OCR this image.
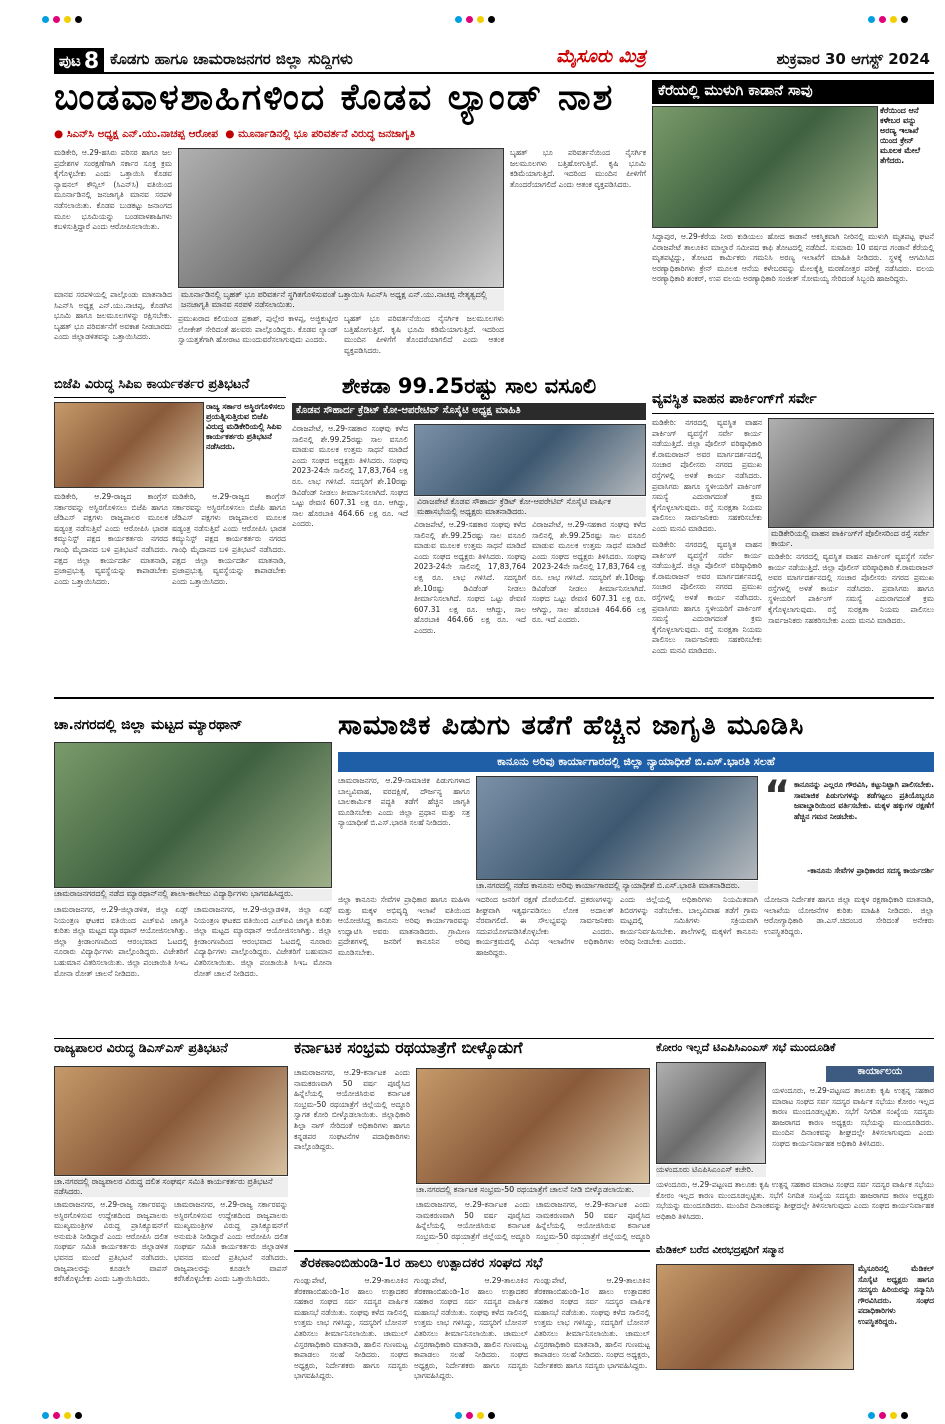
ಪುಟ 8 ಕೊಡಗು ಹಾಗೂ ಚಾಮರಾಜನಗರ ಜಿಲ್ಲಾ ಸುದ್ದಿಗಳು	ಮೈಸೂರು ಮಿತ್ರ	ಶುಕ್ರವಾರ 30 ಆಗಸ್ಟ್ 2024
ಬಂಡವಾಳಶಾಹಿಗಳಿಂದ ಕೊಡವ ಲ್ಯಾಂಡ್ ನಾಶ
● ಸಿಎನ್‌ಸಿ ಅಧ್ಯಕ್ಷ ಎನ್.ಯು.ನಾಚಪ್ಪ ಆರೋಪ  ● ಮೂರ್ನಾಡಿನಲ್ಲಿ ಭೂ ಪರಿವರ್ತನೆ ವಿರುದ್ಧ ಜನಜಾಗೃತಿ
ಮಡಿಕೇರಿ, ಆ.29-ಹಸಿರು ಪರಿಸರ ಹಾಗೂ ಜಲ ಪ್ರದೇಶಗಳ ಸಂರಕ್ಷಣೆಗಾಗಿ ಸರ್ಕಾರ ಸೂಕ್ತ ಕ್ರಮ ಕೈಗೊಳ್ಳಬೇಕು ಎಂದು ಒತ್ತಾಯಿಸಿ ಕೊಡವ ನ್ಯಾಷನಲ್ ಕೌನ್ಸಿಲ್ (ಸಿಎನ್‌ಸಿ) ವತಿಯಿಂದ ಮೂರ್ನಾಡಿನಲ್ಲಿ ಜನಜಾಗೃತಿ ಮಾನವ ಸರಪಳಿ ನಡೆಸಲಾಯಿತು. ಕೊಡವ ಬುಡಕಟ್ಟು ಜನಾಂಗದ ಮೂಲ ಭೂಮಿಯನ್ನು ಬಂಡವಾಳಶಾಹಿಗಳು ಕಬಳಿಸುತ್ತಿದ್ದಾರೆ ಎಂದು ಆರೋಪಿಸಲಾಯಿತು.
ಮೂರ್ನಾಡಿನಲ್ಲಿ ಬೃಹತ್ ಭೂ ಪರಿವರ್ತನೆ ಸ್ಥಗಿತಗೊಳಿಸುವಂತೆ ಒತ್ತಾಯಿಸಿ ಸಿಎನ್‌ಸಿ ಅಧ್ಯಕ್ಷ ಎನ್.ಯು.ನಾಚಪ್ಪ ನೇತೃತ್ವದಲ್ಲಿ ಜನಜಾಗೃತಿ ಮಾನವ ಸರಪಳಿ ನಡೆಸಲಾಯಿತು.
ಮಾನವ ಸರಪಳಿಯಲ್ಲಿ ಪಾಲ್ಗೊಂಡು ಮಾತನಾಡಿದ ಸಿಎನ್‌ಸಿ ಅಧ್ಯಕ್ಷ ಎನ್.ಯು.ನಾಚಪ್ಪ, ಕೊಡಗಿನ ಭೂಮಿ ಹಾಗೂ ಜಲಮೂಲಗಳನ್ನು ರಕ್ಷಿಸಬೇಕು. ಬೃಹತ್ ಭೂ ಪರಿವರ್ತನೆಗೆ ಅವಕಾಶ ನೀಡಬಾರದು ಎಂದು ಜಿಲ್ಲಾಡಳಿತವನ್ನು ಒತ್ತಾಯಿಸಿದರು.
ಪ್ರಮುಖರಾದ ಕಲಿಯಂಡ ಪ್ರಕಾಶ್, ಪುಲ್ಲೇರ ಕಾಳಪ್ಪ, ಅಜ್ಜಿಕುಟ್ಟೀರ ಲೋಕೇಶ್ ಸೇರಿದಂತೆ ಹಲವರು ಪಾಲ್ಗೊಂಡಿದ್ದರು. ಕೊಡವ ಲ್ಯಾಂಡ್ ಸ್ವಾಯತ್ತತೆಗಾಗಿ ಹೋರಾಟ ಮುಂದುವರೆಸಲಾಗುವುದು ಎಂದರು.
ಬೃಹತ್ ಭೂ ಪರಿವರ್ತನೆಯಿಂದ ನೈಸರ್ಗಿಕ ಜಲಮೂಲಗಳು ಬತ್ತಿಹೋಗುತ್ತಿವೆ. ಕೃಷಿ ಭೂಮಿ ಕಡಿಮೆಯಾಗುತ್ತಿದೆ. ಇದರಿಂದ ಮುಂದಿನ ಪೀಳಿಗೆಗೆ ತೊಂದರೆಯಾಗಲಿದೆ ಎಂದು ಆತಂಕ ವ್ಯಕ್ತಪಡಿಸಿದರು.
ಬೃಹತ್ ಭೂ ಪರಿವರ್ತನೆಯಿಂದ ನೈಸರ್ಗಿಕ ಜಲಮೂಲಗಳು ಬತ್ತಿಹೋಗುತ್ತಿವೆ. ಕೃಷಿ ಭೂಮಿ ಕಡಿಮೆಯಾಗುತ್ತಿದೆ. ಇದರಿಂದ ಮುಂದಿನ ಪೀಳಿಗೆಗೆ ತೊಂದರೆಯಾಗಲಿದೆ ಎಂದು ಆತಂಕ ವ್ಯಕ್ತಪಡಿಸಿದರು.
ಕೆರೆಯಲ್ಲಿ ಮುಳುಗಿ ಕಾಡಾನೆ ಸಾವು
ಕೆರೆಯಿಂದ ಆನೆ ಕಳೇಬರ ವನ್ನು ಅರಣ್ಯ ಇಲಾಖೆ ಯಿಂದ ಕ್ರೇನ್ ಮೂಲಕ ಮೇಲೆ ತೆಗೆದರು.
ಸಿದ್ದಾಪುರ, ಆ.29-ಕೆರೆಯ ನೀರು ಕುಡಿಯಲು ಹೋದ ಕಾಡಾನೆ ಆಕಸ್ಮಿಕವಾಗಿ ನೀರಿನಲ್ಲಿ ಮುಳುಗಿ ಮೃತಪಟ್ಟ ಘಟನೆ ವಿರಾಜಪೇಟೆ ತಾಲೂಕಿನ ಮಾಲ್ದಾರೆ ಸಮೀಪದ ಕಾಫಿ ತೋಟದಲ್ಲಿ ನಡೆದಿದೆ. ಸುಮಾರು 10 ವರ್ಷದ ಗಂಡಾನೆ ಕೆರೆಯಲ್ಲಿ ಮೃತಪಟ್ಟಿದ್ದು, ತೋಟದ ಕಾರ್ಮಿಕರು ಗಮನಿಸಿ ಅರಣ್ಯ ಇಲಾಖೆಗೆ ಮಾಹಿತಿ ನೀಡಿದರು. ಸ್ಥಳಕ್ಕೆ ಆಗಮಿಸಿದ ಅರಣ್ಯಾಧಿಕಾರಿಗಳು ಕ್ರೇನ್ ಮೂಲಕ ಆನೆಯ ಕಳೇಬರವನ್ನು ಮೇಲಕ್ಕೆತ್ತಿ ಮರಣೋತ್ತರ ಪರೀಕ್ಷೆ ನಡೆಸಿದರು. ವಲಯ ಅರಣ್ಯಾಧಿಕಾರಿ ಶಂಕರ್, ಉಪ ವಲಯ ಅರಣ್ಯಾಧಿಕಾರಿ ಸಂಜೀತ್ ಸೋಮಯ್ಯ ಸೇರಿದಂತೆ ಸಿಬ್ಬಂದಿ ಹಾಜರಿದ್ದರು.
ಬಿಜೆಪಿ ವಿರುದ್ಧ ಸಿಪಿಐ ಕಾರ್ಯಕರ್ತರ ಪ್ರತಿಭಟನೆ
ರಾಜ್ಯ ಸರ್ಕಾರ ಅಸ್ಥಿರಗೊಳಿಸಲು ಪ್ರಯತ್ನಿಸುತ್ತಿರುವ ಬಿಜೆಪಿ ವಿರುದ್ಧ ಮಡಿಕೇರಿಯಲ್ಲಿ ಸಿಪಿಐ ಕಾರ್ಯಕರ್ತರು ಪ್ರತಿಭಟನೆ ನಡೆಸಿದರು.
ಮಡಿಕೇರಿ, ಆ.29-ರಾಜ್ಯದ ಕಾಂಗ್ರೆಸ್ ಸರ್ಕಾರವನ್ನು ಅಸ್ಥಿರಗೊಳಿಸಲು ಬಿಜೆಪಿ ಹಾಗೂ ಜೆಡಿಎಸ್ ಪಕ್ಷಗಳು ರಾಜ್ಯಪಾಲರ ಮೂಲಕ ಷಡ್ಯಂತ್ರ ನಡೆಸುತ್ತಿವೆ ಎಂದು ಆರೋಪಿಸಿ ಭಾರತ ಕಮ್ಯುನಿಸ್ಟ್ ಪಕ್ಷದ ಕಾರ್ಯಕರ್ತರು ನಗರದ ಗಾಂಧಿ ಮೈದಾನದ ಬಳಿ ಪ್ರತಿಭಟನೆ ನಡೆಸಿದರು. ಪಕ್ಷದ ಜಿಲ್ಲಾ ಕಾರ್ಯದರ್ಶಿ ಮಾತನಾಡಿ, ಪ್ರಜಾಪ್ರಭುತ್ವ ವ್ಯವಸ್ಥೆಯನ್ನು ಕಾಪಾಡಬೇಕು ಎಂದು ಒತ್ತಾಯಿಸಿದರು.
ಮಡಿಕೇರಿ, ಆ.29-ರಾಜ್ಯದ ಕಾಂಗ್ರೆಸ್ ಸರ್ಕಾರವನ್ನು ಅಸ್ಥಿರಗೊಳಿಸಲು ಬಿಜೆಪಿ ಹಾಗೂ ಜೆಡಿಎಸ್ ಪಕ್ಷಗಳು ರಾಜ್ಯಪಾಲರ ಮೂಲಕ ಷಡ್ಯಂತ್ರ ನಡೆಸುತ್ತಿವೆ ಎಂದು ಆರೋಪಿಸಿ ಭಾರತ ಕಮ್ಯುನಿಸ್ಟ್ ಪಕ್ಷದ ಕಾರ್ಯಕರ್ತರು ನಗರದ ಗಾಂಧಿ ಮೈದಾನದ ಬಳಿ ಪ್ರತಿಭಟನೆ ನಡೆಸಿದರು. ಪಕ್ಷದ ಜಿಲ್ಲಾ ಕಾರ್ಯದರ್ಶಿ ಮಾತನಾಡಿ, ಪ್ರಜಾಪ್ರಭುತ್ವ ವ್ಯವಸ್ಥೆಯನ್ನು ಕಾಪಾಡಬೇಕು ಎಂದು ಒತ್ತಾಯಿಸಿದರು.
ಶೇಕಡಾ 99.25ರಷ್ಟು ಸಾಲ ವಸೂಲಿ
ಕೊಡವ ಸೌಹಾರ್ದ ಕ್ರೆಡಿಟ್ ಕೋ-ಆಪರೇಟಿವ್ ಸೊಸೈಟಿ ಅಧ್ಯಕ್ಷ ಮಾಹಿತಿ
ವಿರಾಜಪೇಟೆ, ಆ.29-ಸಹಕಾರ ಸಂಘವು ಕಳೆದ ಸಾಲಿನಲ್ಲಿ ಶೇ.99.25ರಷ್ಟು ಸಾಲ ವಸೂಲಿ ಮಾಡುವ ಮೂಲಕ ಉತ್ತಮ ಸಾಧನೆ ಮಾಡಿದೆ ಎಂದು ಸಂಘದ ಅಧ್ಯಕ್ಷರು ತಿಳಿಸಿದರು. ಸಂಘವು 2023-24ನೇ ಸಾಲಿನಲ್ಲಿ 17,83,764 ಲಕ್ಷ ರೂ. ಲಾಭ ಗಳಿಸಿದೆ. ಸದಸ್ಯರಿಗೆ ಶೇ.10ರಷ್ಟು ಡಿವಿಡೆಂಡ್ ನೀಡಲು ತೀರ್ಮಾನಿಸಲಾಗಿದೆ. ಸಂಘದ ಒಟ್ಟು ಠೇವಣಿ 607.31 ಲಕ್ಷ ರೂ. ಆಗಿದ್ದು, ಸಾಲ ಹೊರಬಾಕಿ 464.66 ಲಕ್ಷ ರೂ. ಇದೆ ಎಂದರು.
ವಿರಾಜಪೇಟೆ ಕೊಡವ ಸೌಹಾರ್ದ ಕ್ರೆಡಿಟ್ ಕೋ-ಆಪರೇಟಿವ್ ಸೊಸೈಟಿ ವಾರ್ಷಿಕ ಮಹಾಸಭೆಯಲ್ಲಿ ಅಧ್ಯಕ್ಷರು ಮಾತನಾಡಿದರು.
ವಿರಾಜಪೇಟೆ, ಆ.29-ಸಹಕಾರ ಸಂಘವು ಕಳೆದ ಸಾಲಿನಲ್ಲಿ ಶೇ.99.25ರಷ್ಟು ಸಾಲ ವಸೂಲಿ ಮಾಡುವ ಮೂಲಕ ಉತ್ತಮ ಸಾಧನೆ ಮಾಡಿದೆ ಎಂದು ಸಂಘದ ಅಧ್ಯಕ್ಷರು ತಿಳಿಸಿದರು. ಸಂಘವು 2023-24ನೇ ಸಾಲಿನಲ್ಲಿ 17,83,764 ಲಕ್ಷ ರೂ. ಲಾಭ ಗಳಿಸಿದೆ. ಸದಸ್ಯರಿಗೆ ಶೇ.10ರಷ್ಟು ಡಿವಿಡೆಂಡ್ ನೀಡಲು ತೀರ್ಮಾನಿಸಲಾಗಿದೆ. ಸಂಘದ ಒಟ್ಟು ಠೇವಣಿ 607.31 ಲಕ್ಷ ರೂ. ಆಗಿದ್ದು, ಸಾಲ ಹೊರಬಾಕಿ 464.66 ಲಕ್ಷ ರೂ. ಇದೆ ಎಂದರು.
ವಿರಾಜಪೇಟೆ, ಆ.29-ಸಹಕಾರ ಸಂಘವು ಕಳೆದ ಸಾಲಿನಲ್ಲಿ ಶೇ.99.25ರಷ್ಟು ಸಾಲ ವಸೂಲಿ ಮಾಡುವ ಮೂಲಕ ಉತ್ತಮ ಸಾಧನೆ ಮಾಡಿದೆ ಎಂದು ಸಂಘದ ಅಧ್ಯಕ್ಷರು ತಿಳಿಸಿದರು. ಸಂಘವು 2023-24ನೇ ಸಾಲಿನಲ್ಲಿ 17,83,764 ಲಕ್ಷ ರೂ. ಲಾಭ ಗಳಿಸಿದೆ. ಸದಸ್ಯರಿಗೆ ಶೇ.10ರಷ್ಟು ಡಿವಿಡೆಂಡ್ ನೀಡಲು ತೀರ್ಮಾನಿಸಲಾಗಿದೆ. ಸಂಘದ ಒಟ್ಟು ಠೇವಣಿ 607.31 ಲಕ್ಷ ರೂ. ಆಗಿದ್ದು, ಸಾಲ ಹೊರಬಾಕಿ 464.66 ಲಕ್ಷ ರೂ. ಇದೆ ಎಂದರು.
ವ್ಯವಸ್ಥಿತ ವಾಹನ ಪಾರ್ಕಿಂಗ್‌ಗೆ ಸರ್ವೇ
ಮಡಿಕೇರಿ: ನಗರದಲ್ಲಿ ವ್ಯವಸ್ಥಿತ ವಾಹನ ಪಾರ್ಕಿಂಗ್ ವ್ಯವಸ್ಥೆಗೆ ಸರ್ವೇ ಕಾರ್ಯ ನಡೆಯುತ್ತಿದೆ. ಜಿಲ್ಲಾ ಪೊಲೀಸ್ ವರಿಷ್ಠಾಧಿಕಾರಿ ಕೆ.ರಾಮರಾಜನ್ ಅವರ ಮಾರ್ಗದರ್ಶನದಲ್ಲಿ ಸಂಚಾರ ಪೊಲೀಸರು ನಗರದ ಪ್ರಮುಖ ರಸ್ತೆಗಳಲ್ಲಿ ಅಳತೆ ಕಾರ್ಯ ನಡೆಸಿದರು. ಪ್ರವಾಸಿಗರು ಹಾಗೂ ಸ್ಥಳೀಯರಿಗೆ ಪಾರ್ಕಿಂಗ್ ಸಮಸ್ಯೆ ಎದುರಾಗದಂತೆ ಕ್ರಮ ಕೈಗೊಳ್ಳಲಾಗುವುದು. ರಸ್ತೆ ಸುರಕ್ಷತಾ ನಿಯಮ ಪಾಲಿಸಲು ಸಾರ್ವಜನಿಕರು ಸಹಕರಿಸಬೇಕು ಎಂದು ಮನವಿ ಮಾಡಿದರು.
ಮಡಿಕೇರಿಯಲ್ಲಿ ವಾಹನ ಪಾರ್ಕಿಂಗ್‌ಗೆ ಪೊಲೀಸರಿಂದ ರಸ್ತೆ ಸರ್ವೇ ಕಾರ್ಯ.
ಮಡಿಕೇರಿ: ನಗರದಲ್ಲಿ ವ್ಯವಸ್ಥಿತ ವಾಹನ ಪಾರ್ಕಿಂಗ್ ವ್ಯವಸ್ಥೆಗೆ ಸರ್ವೇ ಕಾರ್ಯ ನಡೆಯುತ್ತಿದೆ. ಜಿಲ್ಲಾ ಪೊಲೀಸ್ ವರಿಷ್ಠಾಧಿಕಾರಿ ಕೆ.ರಾಮರಾಜನ್ ಅವರ ಮಾರ್ಗದರ್ಶನದಲ್ಲಿ ಸಂಚಾರ ಪೊಲೀಸರು ನಗರದ ಪ್ರಮುಖ ರಸ್ತೆಗಳಲ್ಲಿ ಅಳತೆ ಕಾರ್ಯ ನಡೆಸಿದರು. ಪ್ರವಾಸಿಗರು ಹಾಗೂ ಸ್ಥಳೀಯರಿಗೆ ಪಾರ್ಕಿಂಗ್ ಸಮಸ್ಯೆ ಎದುರಾಗದಂತೆ ಕ್ರಮ ಕೈಗೊಳ್ಳಲಾಗುವುದು. ರಸ್ತೆ ಸುರಕ್ಷತಾ ನಿಯಮ ಪಾಲಿಸಲು ಸಾರ್ವಜನಿಕರು ಸಹಕರಿಸಬೇಕು ಎಂದು ಮನವಿ ಮಾಡಿದರು.
ಮಡಿಕೇರಿ: ನಗರದಲ್ಲಿ ವ್ಯವಸ್ಥಿತ ವಾಹನ ಪಾರ್ಕಿಂಗ್ ವ್ಯವಸ್ಥೆಗೆ ಸರ್ವೇ ಕಾರ್ಯ ನಡೆಯುತ್ತಿದೆ. ಜಿಲ್ಲಾ ಪೊಲೀಸ್ ವರಿಷ್ಠಾಧಿಕಾರಿ ಕೆ.ರಾಮರಾಜನ್ ಅವರ ಮಾರ್ಗದರ್ಶನದಲ್ಲಿ ಸಂಚಾರ ಪೊಲೀಸರು ನಗರದ ಪ್ರಮುಖ ರಸ್ತೆಗಳಲ್ಲಿ ಅಳತೆ ಕಾರ್ಯ ನಡೆಸಿದರು. ಪ್ರವಾಸಿಗರು ಹಾಗೂ ಸ್ಥಳೀಯರಿಗೆ ಪಾರ್ಕಿಂಗ್ ಸಮಸ್ಯೆ ಎದುರಾಗದಂತೆ ಕ್ರಮ ಕೈಗೊಳ್ಳಲಾಗುವುದು. ರಸ್ತೆ ಸುರಕ್ಷತಾ ನಿಯಮ ಪಾಲಿಸಲು ಸಾರ್ವಜನಿಕರು ಸಹಕರಿಸಬೇಕು ಎಂದು ಮನವಿ ಮಾಡಿದರು.
ಚಾ.ನಗರದಲ್ಲಿ ಜಿಲ್ಲಾ ಮಟ್ಟದ ಮ್ಯಾರಥಾನ್
ಚಾಮರಾಜನಗರದಲ್ಲಿ ನಡೆದ ಮ್ಯಾರಥಾನ್‌ನಲ್ಲಿ ಶಾಲಾ-ಕಾಲೇಜು ವಿದ್ಯಾರ್ಥಿಗಳು ಭಾಗವಹಿಸಿದ್ದರು.
ಚಾಮರಾಜನಗರ, ಆ.29-ಜಿಲ್ಲಾಡಳಿತ, ಜಿಲ್ಲಾ ಏಡ್ಸ್ ನಿಯಂತ್ರಣ ಘಟಕದ ವತಿಯಿಂದ ಎಚ್‌ಐವಿ ಜಾಗೃತಿ ಕುರಿತು ಜಿಲ್ಲಾ ಮಟ್ಟದ ಮ್ಯಾರಥಾನ್ ಆಯೋಜಿಸಲಾಗಿತ್ತು. ಜಿಲ್ಲಾ ಕ್ರೀಡಾಂಗಣದಿಂದ ಆರಂಭವಾದ ಓಟದಲ್ಲಿ ನೂರಾರು ವಿದ್ಯಾರ್ಥಿಗಳು ಪಾಲ್ಗೊಂಡಿದ್ದರು. ವಿಜೇತರಿಗೆ ಬಹುಮಾನ ವಿತರಿಸಲಾಯಿತು. ಜಿಲ್ಲಾ ಪಂಚಾಯಿತಿ ಸಿಇಒ ಮೋನಾ ರೋತ್ ಚಾಲನೆ ನೀಡಿದರು.
ಚಾಮರಾಜನಗರ, ಆ.29-ಜಿಲ್ಲಾಡಳಿತ, ಜಿಲ್ಲಾ ಏಡ್ಸ್ ನಿಯಂತ್ರಣ ಘಟಕದ ವತಿಯಿಂದ ಎಚ್‌ಐವಿ ಜಾಗೃತಿ ಕುರಿತು ಜಿಲ್ಲಾ ಮಟ್ಟದ ಮ್ಯಾರಥಾನ್ ಆಯೋಜಿಸಲಾಗಿತ್ತು. ಜಿಲ್ಲಾ ಕ್ರೀಡಾಂಗಣದಿಂದ ಆರಂಭವಾದ ಓಟದಲ್ಲಿ ನೂರಾರು ವಿದ್ಯಾರ್ಥಿಗಳು ಪಾಲ್ಗೊಂಡಿದ್ದರು. ವಿಜೇತರಿಗೆ ಬಹುಮಾನ ವಿತರಿಸಲಾಯಿತು. ಜಿಲ್ಲಾ ಪಂಚಾಯಿತಿ ಸಿಇಒ ಮೋನಾ ರೋತ್ ಚಾಲನೆ ನೀಡಿದರು.
ಸಾಮಾಜಿಕ ಪಿಡುಗು ತಡೆಗೆ ಹೆಚ್ಚಿನ ಜಾಗೃತಿ ಮೂಡಿಸಿ
ಕಾನೂನು ಅರಿವು ಕಾರ್ಯಾಗಾರದಲ್ಲಿ ಜಿಲ್ಲಾ ನ್ಯಾಯಾಧೀಶೆ ಬಿ.ಎಸ್.ಭಾರತಿ ಸಲಹೆ
ಚಾಮರಾಜನಗರ, ಆ.29-ಸಾಮಾಜಿಕ ಪಿಡುಗುಗಳಾದ ಬಾಲ್ಯವಿವಾಹ, ವರದಕ್ಷಿಣೆ, ದೌರ್ಜನ್ಯ ಹಾಗೂ ಬಾಲಕಾರ್ಮಿಕ ಪದ್ಧತಿ ತಡೆಗೆ ಹೆಚ್ಚಿನ ಜಾಗೃತಿ ಮೂಡಿಸಬೇಕು ಎಂದು ಜಿಲ್ಲಾ ಪ್ರಧಾನ ಮತ್ತು ಸತ್ರ ನ್ಯಾಯಾಧೀಶೆ ಬಿ.ಎಸ್.ಭಾರತಿ ಸಲಹೆ ನೀಡಿದರು.
ಚಾ.ನಗರದಲ್ಲಿ ನಡೆದ ಕಾನೂನು ಅರಿವು ಕಾರ್ಯಾಗಾರದಲ್ಲಿ ನ್ಯಾಯಾಧೀಶೆ ಬಿ.ಎಸ್.ಭಾರತಿ ಮಾತನಾಡಿದರು.
“ ಕಾನೂನನ್ನು ಎಲ್ಲರೂ ಗೌರವಿಸಿ, ಕಟ್ಟುನಿಟ್ಟಾಗಿ ಪಾಲಿಸಬೇಕು. ಸಾಮಾಜಿಕ ಪಿಡುಗುಗಳನ್ನು ತಡೆಗಟ್ಟಲು ಪ್ರತಿಯೊಬ್ಬರೂ ಜವಾಬ್ದಾರಿಯಿಂದ ವರ್ತಿಸಬೇಕು. ಮಕ್ಕಳ ಹಕ್ಕುಗಳ ರಕ್ಷಣೆಗೆ ಹೆಚ್ಚಿನ ಗಮನ ನೀಡಬೇಕು.
-ಕಾನೂನು ಸೇವೆಗಳ ಪ್ರಾಧಿಕಾರದ ಸದಸ್ಯ ಕಾರ್ಯದರ್ಶಿ
ಜಿಲ್ಲಾ ಕಾನೂನು ಸೇವೆಗಳ ಪ್ರಾಧಿಕಾರ ಹಾಗೂ ಮಹಿಳಾ ಮತ್ತು ಮಕ್ಕಳ ಅಭಿವೃದ್ಧಿ ಇಲಾಖೆ ವತಿಯಿಂದ ಆಯೋಜಿಸಿದ್ದ ಕಾನೂನು ಅರಿವು ಕಾರ್ಯಾಗಾರವನ್ನು ಉದ್ಘಾಟಿಸಿ ಅವರು ಮಾತನಾಡಿದರು. ಗ್ರಾಮೀಣ ಪ್ರದೇಶಗಳಲ್ಲಿ ಜನರಿಗೆ ಕಾನೂನಿನ ಅರಿವು ಮೂಡಿಸಬೇಕು.
ಇದರಿಂದ ಜನರಿಗೆ ರಕ್ಷಣೆ ದೊರೆಯಲಿದೆ. ಪ್ರಕರಣಗಳನ್ನು ಶೀಘ್ರವಾಗಿ ಇತ್ಯರ್ಥಪಡಿಸಲು ಲೋಕ ಅದಾಲತ್ ನೆರವಾಗಲಿದೆ. ಈ ಸೌಲಭ್ಯವನ್ನು ಸಾರ್ವಜನಿಕರು ಸದುಪಯೋಗಪಡಿಸಿಕೊಳ್ಳಬೇಕು ಎಂದರು. ಕಾರ್ಯಕ್ರಮದಲ್ಲಿ ವಿವಿಧ ಇಲಾಖೆಗಳ ಅಧಿಕಾರಿಗಳು ಹಾಜರಿದ್ದರು.
ಎಂದು ಜಿಲ್ಲೆಯಲ್ಲಿ ಅಧಿಕಾರಿಗಳು ನಿಯಮಿತವಾಗಿ ಶಿಬಿರಗಳನ್ನು ನಡೆಸಬೇಕು. ಬಾಲ್ಯವಿವಾಹ ತಡೆಗೆ ಗ್ರಾಮ ಮಟ್ಟದಲ್ಲಿ ಸಮಿತಿಗಳು ಸಕ್ರಿಯವಾಗಿ ಕಾರ್ಯನಿರ್ವಹಿಸಬೇಕು. ಶಾಲೆಗಳಲ್ಲಿ ಮಕ್ಕಳಿಗೆ ಕಾನೂನು ಅರಿವು ನೀಡಬೇಕು ಎಂದರು.
ಯೋಜನಾ ನಿರ್ದೇಶಕ ಹಾಗೂ ಜಿಲ್ಲಾ ಮಕ್ಕಳ ರಕ್ಷಣಾಧಿಕಾರಿ ಮಾತನಾಡಿ, ಇಲಾಖೆಯ ಯೋಜನೆಗಳ ಕುರಿತು ಮಾಹಿತಿ ನೀಡಿದರು. ಜಿಲ್ಲಾ ಆರೋಗ್ಯಾಧಿಕಾರಿ ಡಾ.ಎಸ್.ಚಿದಂಬರ ಸೇರಿದಂತೆ ಅನೇಕರು ಉಪಸ್ಥಿತರಿದ್ದರು.
ರಾಜ್ಯಪಾಲರ ವಿರುದ್ಧ ಡಿಎಸ್‌ಎಸ್ ಪ್ರತಿಭಟನೆ
ಚಾ.ನಗರದಲ್ಲಿ ರಾಜ್ಯಪಾಲರ ವಿರುದ್ಧ ದಲಿತ ಸಂಘರ್ಷ ಸಮಿತಿ ಕಾರ್ಯಕರ್ತರು ಪ್ರತಿಭಟನೆ ನಡೆಸಿದರು.
ಚಾಮರಾಜನಗರ, ಆ.29-ರಾಜ್ಯ ಸರ್ಕಾರವನ್ನು ಅಸ್ಥಿರಗೊಳಿಸುವ ಉದ್ದೇಶದಿಂದ ರಾಜ್ಯಪಾಲರು ಮುಖ್ಯಮಂತ್ರಿಗಳ ವಿರುದ್ಧ ಪ್ರಾಸಿಕ್ಯೂಷನ್‌ಗೆ ಅನುಮತಿ ನೀಡಿದ್ದಾರೆ ಎಂದು ಆರೋಪಿಸಿ ದಲಿತ ಸಂಘರ್ಷ ಸಮಿತಿ ಕಾರ್ಯಕರ್ತರು ಜಿಲ್ಲಾಡಳಿತ ಭವನದ ಮುಂದೆ ಪ್ರತಿಭಟನೆ ನಡೆಸಿದರು. ರಾಜ್ಯಪಾಲರನ್ನು ಕೂಡಲೇ ವಾಪಸ್ ಕರೆಸಿಕೊಳ್ಳಬೇಕು ಎಂದು ಒತ್ತಾಯಿಸಿದರು.
ಚಾಮರಾಜನಗರ, ಆ.29-ರಾಜ್ಯ ಸರ್ಕಾರವನ್ನು ಅಸ್ಥಿರಗೊಳಿಸುವ ಉದ್ದೇಶದಿಂದ ರಾಜ್ಯಪಾಲರು ಮುಖ್ಯಮಂತ್ರಿಗಳ ವಿರುದ್ಧ ಪ್ರಾಸಿಕ್ಯೂಷನ್‌ಗೆ ಅನುಮತಿ ನೀಡಿದ್ದಾರೆ ಎಂದು ಆರೋಪಿಸಿ ದಲಿತ ಸಂಘರ್ಷ ಸಮಿತಿ ಕಾರ್ಯಕರ್ತರು ಜಿಲ್ಲಾಡಳಿತ ಭವನದ ಮುಂದೆ ಪ್ರತಿಭಟನೆ ನಡೆಸಿದರು. ರಾಜ್ಯಪಾಲರನ್ನು ಕೂಡಲೇ ವಾಪಸ್ ಕರೆಸಿಕೊಳ್ಳಬೇಕು ಎಂದು ಒತ್ತಾಯಿಸಿದರು.
ಕರ್ನಾಟಕ ಸಂಭ್ರಮ ರಥಯಾತ್ರೆಗೆ ಬೀಳ್ಕೊಡುಗೆ
ಚಾಮರಾಜನಗರ, ಆ.29-ಕರ್ನಾಟಕ ಎಂದು ನಾಮಕರಣವಾಗಿ 50 ವರ್ಷ ಪೂರೈಸಿದ ಹಿನ್ನೆಲೆಯಲ್ಲಿ ಆಯೋಜಿಸಿರುವ ಕರ್ನಾಟಕ ಸಂಭ್ರಮ-50 ರಥಯಾತ್ರೆಗೆ ಜಿಲ್ಲೆಯಲ್ಲಿ ಅದ್ಧೂರಿ ಸ್ವಾಗತ ಕೋರಿ ಬೀಳ್ಕೊಡಲಾಯಿತು. ಜಿಲ್ಲಾಧಿಕಾರಿ ಶಿಲ್ಪಾ ನಾಗ್ ಸೇರಿದಂತೆ ಅಧಿಕಾರಿಗಳು ಹಾಗೂ ಕನ್ನಡಪರ ಸಂಘಟನೆಗಳ ಪದಾಧಿಕಾರಿಗಳು ಪಾಲ್ಗೊಂಡಿದ್ದರು.
ಚಾ.ನಗರದಲ್ಲಿ ಕರ್ನಾಟಕ ಸಂಭ್ರಮ-50 ರಥಯಾತ್ರೆಗೆ ಚಾಲನೆ ನೀಡಿ ಬೀಳ್ಕೊಡಲಾಯಿತು.
ಚಾಮರಾಜನಗರ, ಆ.29-ಕರ್ನಾಟಕ ಎಂದು ನಾಮಕರಣವಾಗಿ 50 ವರ್ಷ ಪೂರೈಸಿದ ಹಿನ್ನೆಲೆಯಲ್ಲಿ ಆಯೋಜಿಸಿರುವ ಕರ್ನಾಟಕ ಸಂಭ್ರಮ-50 ರಥಯಾತ್ರೆಗೆ ಜಿಲ್ಲೆಯಲ್ಲಿ ಅದ್ಧೂರಿ
ಚಾಮರಾಜನಗರ, ಆ.29-ಕರ್ನಾಟಕ ಎಂದು ನಾಮಕರಣವಾಗಿ 50 ವರ್ಷ ಪೂರೈಸಿದ ಹಿನ್ನೆಲೆಯಲ್ಲಿ ಆಯೋಜಿಸಿರುವ ಕರ್ನಾಟಕ ಸಂಭ್ರಮ-50 ರಥಯಾತ್ರೆಗೆ ಜಿಲ್ಲೆಯಲ್ಲಿ ಅದ್ಧೂರಿ
ತೆರಕಣಾಂಬಿಹುಂಡಿ-1ರ ಹಾಲು ಉತ್ಪಾದಕರ ಸಂಘದ ಸಭೆ
ಗುಂಡ್ಲುಪೇಟೆ, ಆ.29-ತಾಲೂಕಿನ ತೆರಕಣಾಂಬಿಹುಂಡಿ-1ರ ಹಾಲು ಉತ್ಪಾದಕರ ಸಹಕಾರ ಸಂಘದ ಸರ್ವ ಸದಸ್ಯರ ವಾರ್ಷಿಕ ಮಹಾಸಭೆ ನಡೆಯಿತು. ಸಂಘವು ಕಳೆದ ಸಾಲಿನಲ್ಲಿ ಉತ್ತಮ ಲಾಭ ಗಳಿಸಿದ್ದು, ಸದಸ್ಯರಿಗೆ ಬೋನಸ್ ವಿತರಿಸಲು ತೀರ್ಮಾನಿಸಲಾಯಿತು. ಚಾಮುಲ್ ವಿಸ್ತರಣಾಧಿಕಾರಿ ಮಾತನಾಡಿ, ಹಾಲಿನ ಗುಣಮಟ್ಟ ಕಾಪಾಡಲು ಸಲಹೆ ನೀಡಿದರು. ಸಂಘದ ಅಧ್ಯಕ್ಷರು, ನಿರ್ದೇಶಕರು ಹಾಗೂ ಸದಸ್ಯರು ಭಾಗವಹಿಸಿದ್ದರು.
ಗುಂಡ್ಲುಪೇಟೆ, ಆ.29-ತಾಲೂಕಿನ ತೆರಕಣಾಂಬಿಹುಂಡಿ-1ರ ಹಾಲು ಉತ್ಪಾದಕರ ಸಹಕಾರ ಸಂಘದ ಸರ್ವ ಸದಸ್ಯರ ವಾರ್ಷಿಕ ಮಹಾಸಭೆ ನಡೆಯಿತು. ಸಂಘವು ಕಳೆದ ಸಾಲಿನಲ್ಲಿ ಉತ್ತಮ ಲಾಭ ಗಳಿಸಿದ್ದು, ಸದಸ್ಯರಿಗೆ ಬೋನಸ್ ವಿತರಿಸಲು ತೀರ್ಮಾನಿಸಲಾಯಿತು. ಚಾಮುಲ್ ವಿಸ್ತರಣಾಧಿಕಾರಿ ಮಾತನಾಡಿ, ಹಾಲಿನ ಗುಣಮಟ್ಟ ಕಾಪಾಡಲು ಸಲಹೆ ನೀಡಿದರು. ಸಂಘದ ಅಧ್ಯಕ್ಷರು, ನಿರ್ದೇಶಕರು ಹಾಗೂ ಸದಸ್ಯರು ಭಾಗವಹಿಸಿದ್ದರು.
ಗುಂಡ್ಲುಪೇಟೆ, ಆ.29-ತಾಲೂಕಿನ ತೆರಕಣಾಂಬಿಹುಂಡಿ-1ರ ಹಾಲು ಉತ್ಪಾದಕರ ಸಹಕಾರ ಸಂಘದ ಸರ್ವ ಸದಸ್ಯರ ವಾರ್ಷಿಕ ಮಹಾಸಭೆ ನಡೆಯಿತು. ಸಂಘವು ಕಳೆದ ಸಾಲಿನಲ್ಲಿ ಉತ್ತಮ ಲಾಭ ಗಳಿಸಿದ್ದು, ಸದಸ್ಯರಿಗೆ ಬೋನಸ್ ವಿತರಿಸಲು ತೀರ್ಮಾನಿಸಲಾಯಿತು. ಚಾಮುಲ್ ವಿಸ್ತರಣಾಧಿಕಾರಿ ಮಾತನಾಡಿ, ಹಾಲಿನ ಗುಣಮಟ್ಟ ಕಾಪಾಡಲು ಸಲಹೆ ನೀಡಿದರು. ಸಂಘದ ಅಧ್ಯಕ್ಷರು, ನಿರ್ದೇಶಕರು ಹಾಗೂ ಸದಸ್ಯರು ಭಾಗವಹಿಸಿದ್ದರು.
ಕೋರಂ ಇಲ್ಲದೆ ಟಿಎಪಿಸಿಎಂಎಸ್ ಸಭೆ ಮುಂದೂಡಿಕೆ
ಕಾರ್ಯಾಲಯ
ಯಳಂದೂರು ಟಿಎಪಿಸಿಎಂಎಸ್ ಕಚೇರಿ.
ಯಳಂದೂರು, ಆ.29-ಪಟ್ಟಣದ ತಾಲೂಕು ಕೃಷಿ ಉತ್ಪನ್ನ ಸಹಕಾರ ಮಾರಾಟ ಸಂಘದ ಸರ್ವ ಸದಸ್ಯರ ವಾರ್ಷಿಕ ಸಭೆಯು ಕೋರಂ ಇಲ್ಲದ ಕಾರಣ ಮುಂದೂಡಲ್ಪಟ್ಟಿತು. ಸಭೆಗೆ ನಿಗದಿತ ಸಂಖ್ಯೆಯ ಸದಸ್ಯರು ಹಾಜರಾಗದ ಕಾರಣ ಅಧ್ಯಕ್ಷರು ಸಭೆಯನ್ನು ಮುಂದೂಡಿದರು. ಮುಂದಿನ ದಿನಾಂಕವನ್ನು ಶೀಘ್ರದಲ್ಲೇ ತಿಳಿಸಲಾಗುವುದು ಎಂದು ಸಂಘದ ಕಾರ್ಯನಿರ್ವಾಹಕ ಅಧಿಕಾರಿ ತಿಳಿಸಿದರು.
ಯಳಂದೂರು, ಆ.29-ಪಟ್ಟಣದ ತಾಲೂಕು ಕೃಷಿ ಉತ್ಪನ್ನ ಸಹಕಾರ ಮಾರಾಟ ಸಂಘದ ಸರ್ವ ಸದಸ್ಯರ ವಾರ್ಷಿಕ ಸಭೆಯು ಕೋರಂ ಇಲ್ಲದ ಕಾರಣ ಮುಂದೂಡಲ್ಪಟ್ಟಿತು. ಸಭೆಗೆ ನಿಗದಿತ ಸಂಖ್ಯೆಯ ಸದಸ್ಯರು ಹಾಜರಾಗದ ಕಾರಣ ಅಧ್ಯಕ್ಷರು ಸಭೆಯನ್ನು ಮುಂದೂಡಿದರು. ಮುಂದಿನ ದಿನಾಂಕವನ್ನು ಶೀಘ್ರದಲ್ಲೇ ತಿಳಿಸಲಾಗುವುದು ಎಂದು ಸಂಘದ ಕಾರ್ಯನಿರ್ವಾಹಕ ಅಧಿಕಾರಿ ತಿಳಿಸಿದರು.
ಮೆಡಿಕಲ್ ಬರೆದ ವೀರಭದ್ರಪ್ಪರಿಗೆ ಸನ್ಮಾನ
ಮೈಸೂರಿನಲ್ಲಿ ಮೆಡಿಕಲ್ ಸೊಸೈಟಿ ಅಧ್ಯಕ್ಷರು ಹಾಗೂ ಸದಸ್ಯರು ಹಿರಿಯರನ್ನು ಸನ್ಮಾನಿಸಿ ಗೌರವಿಸಿದರು. ಸಂಘದ ಪದಾಧಿಕಾರಿಗಳು ಉಪಸ್ಥಿತರಿದ್ದರು.
